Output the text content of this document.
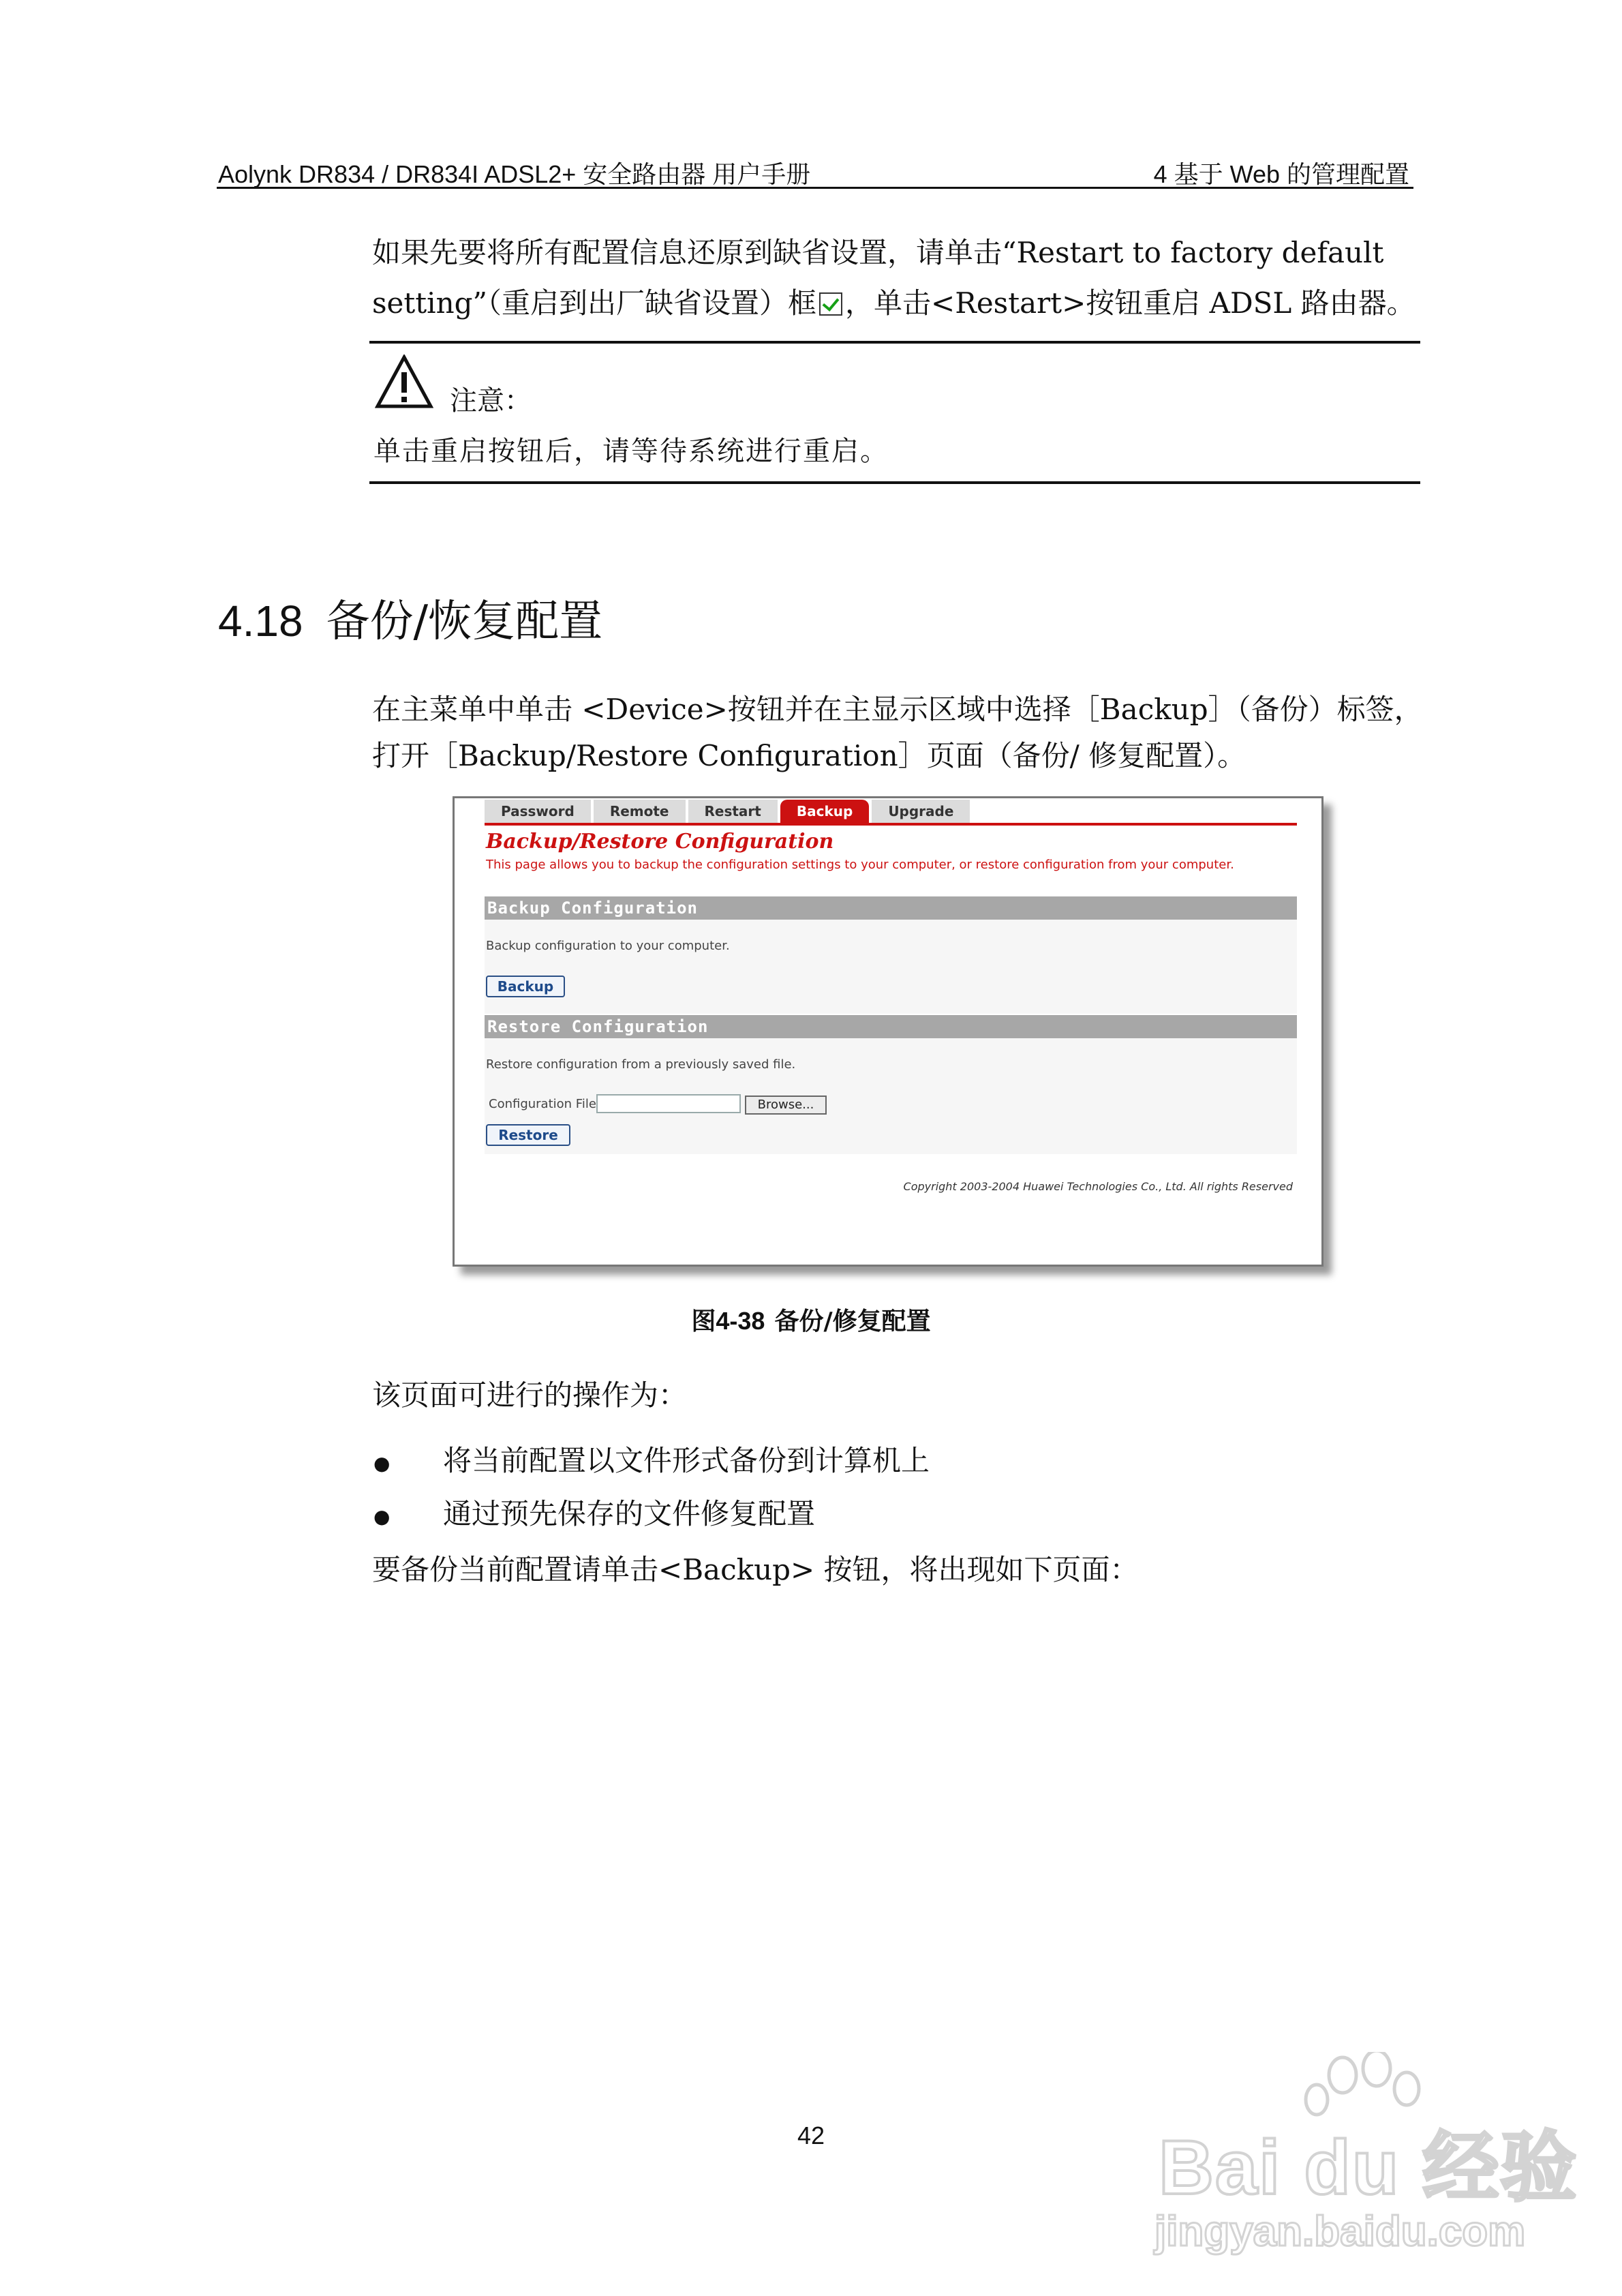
Aolynk DR834 / DR834I ADSL2+ 安全路由器 用户手册	4 基于 Web 的管理配置
如果先要将所有配置信息还原到缺省设置，请单击“Restart to factory default
setting”（重启到出厂缺省设置）框 ，单击<Restart>按钮重启 ADSL 路由器。
注意：
单击重启按钮后，请等待系统进行重启。
4.18 备份/恢复配置
在主菜单中单击 <Device>按钮并在主显示区域中选择［Backup］（备份）标签，
打开［Backup/Restore Configuration］页面（备份/ 修复配置）。
Password	Remote	Restart	Backup	Upgrade
Backup/Restore Configuration
This page allows you to backup the configuration settings to your computer, or restore configuration from your computer.
Backup Configuration
Backup configuration to your computer.
Backup
Restore Configuration
Restore configuration from a previously saved file.
Configuration File	Browse...
Restore
Copyright 2003-2004 Huawei Technologies Co., Ltd. All rights Reserved
图4-38 备份/修复配置
该页面可进行的操作为：
● 将当前配置以文件形式备份到计算机上
● 通过预先保存的文件修复配置
要备份当前配置请单击<Backup> 按钮，将出现如下页面：
42	Bai du 经验
jingyan.baidu.com
